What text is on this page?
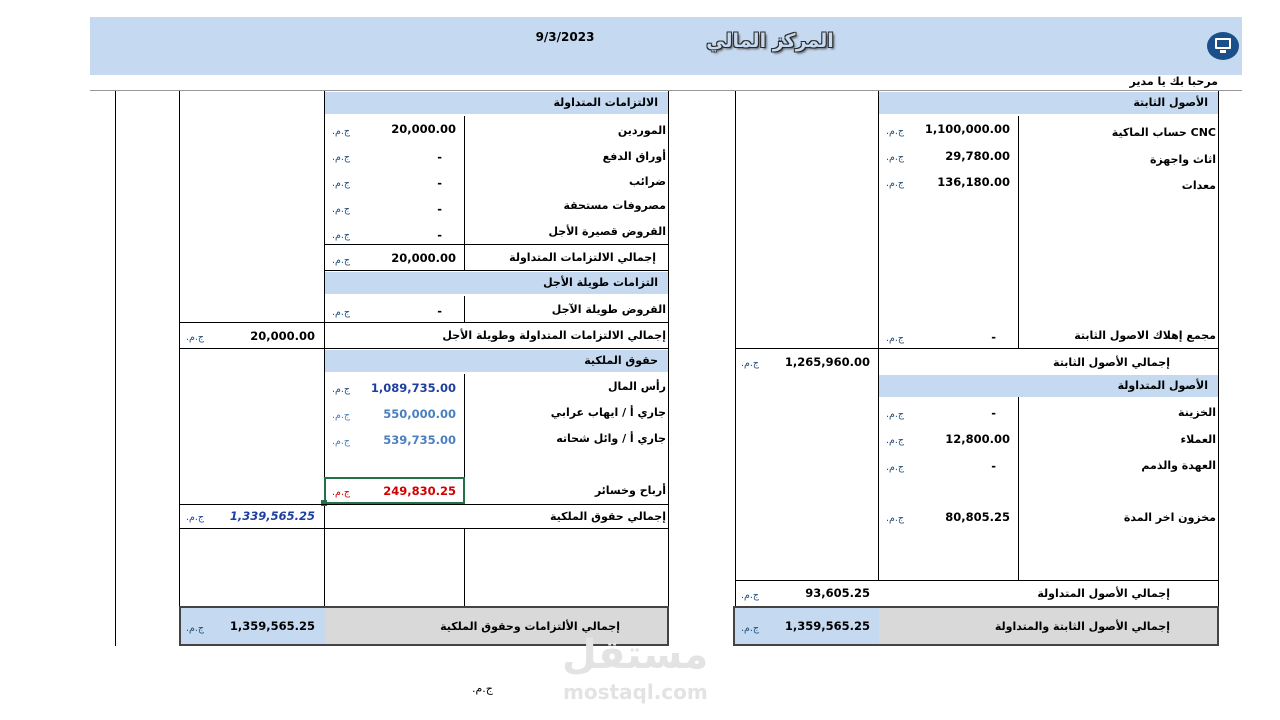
9/3/2023	المركز المالي
مرحبا بك يا مدير
الأصول الثابتة
حساب الماكية CNC
1,100,000.00
ج.م.‏
اثاث واجهزة
29,780.00
ج.م.‏
معدات
136,180.00
ج.م.‏
مجمع إهلاك الاصول الثابتة
-
ج.م.‏
إجمالي الأصول الثابتة
1,265,960.00
ج.م.‏
الأصول المتداولة
الخزينة
-
ج.م.‏
العملاء
12,800.00
ج.م.‏
العهدة والذمم
-
ج.م.‏
مخزون اخر المدة
80,805.25
ج.م.‏
إجمالي الأصول المتداولة
93,605.25
ج.م.‏
إجمالي الأصول الثابتة والمتداولة
1,359,565.25
ج.م.‏
الالتزامات المتداولة
الموردين
20,000.00
ج.م.‏
أوراق الدفع
-
ج.م.‏
ضرائب
-
ج.م.‏
مصروفات مستحقة
-
ج.م.‏
القروض قصيرة الأجل
-
ج.م.‏
إجمالي الالتزامات المتداولة
20,000.00
ج.م.‏
التزامات طويلة الأجل
القروض طويلة الآجل
-
ج.م.‏
إجمالي الالتزامات المتداولة وطويلة الأجل
20,000.00
ج.م.‏
حقوق الملكية
رأس المال
1,089,735.00
ج.م.‏
جاري أ / ايهاب عرابي
550,000.00
ج.م.‏
جاري أ / وائل شحاته
539,735.00
ج.م.‏
أرباح وخسائر
249,830.25
ج.م.‏
إجمالي حقوق الملكية
1,339,565.25
ج.م.‏
إجمالي الألتزامات وحقوق الملكية
1,359,565.25
ج.م.‏
ج.م.‏
مستقل
mostaql.com
